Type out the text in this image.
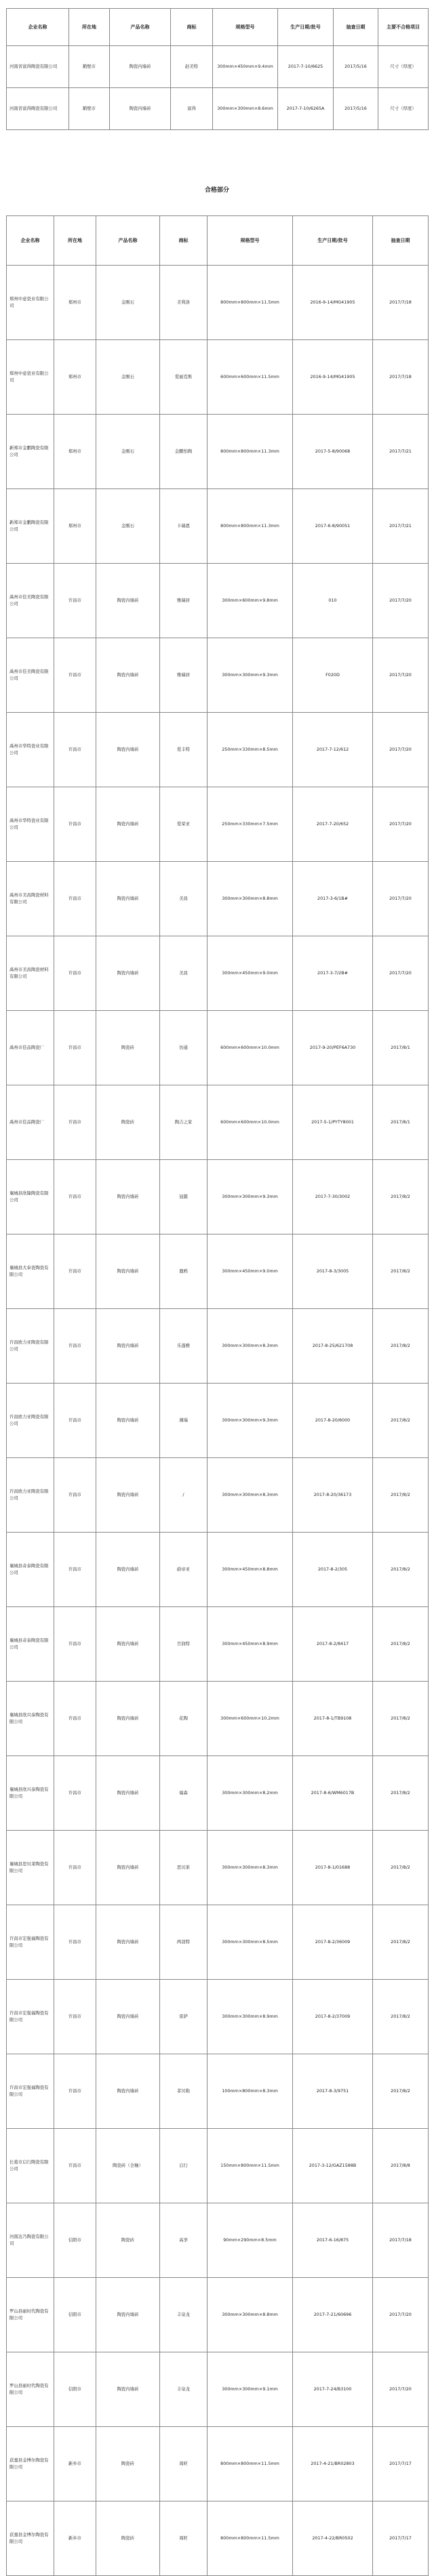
企业名称	所在地	产品名称	商标	规格型号	生产日期/批号	抽查日期	主要不合格项目
河南省富得陶瓷有限公司	鹤壁市	陶瓷内墙砖	赵美特	300mm×450mm×9.4mm	2017-7-10/6625	2017/5/16	尺寸（厚度）
河南省富得陶瓷有限公司	鹤壁市	陶瓷内墙砖	富得	300mm×300mm×8.6mm	2017-7-10/6265A	2017/5/16	尺寸（厚度）
合格部分
企业名称	所在地	产品名称	商标	规格型号	生产日期/批号	抽查日期
郑州中意瓷业有限公司	郑州市	金刚石	美利洛	800mm×800mm×11.5mm	2016-9-14/MG41905	2017/7/18
郑州中意瓷业有限公司	郑州市	金刚石	爱丽克斯	600mm×600mm×11.5mm	2016-9-14/MG41905	2017/7/18
新郑市金鹏陶瓷有限公司	郑州市	金刚石	金鹏怡陶	800mm×800mm×11.3mm	2017-5-8/90068	2017/7/21
新郑市金鹏陶瓷有限公司	郑州市	金刚石	卡瑞恩	800mm×800mm×11.3mm	2017-6-8/90051	2017/7/21
禹州市佳美陶瓷有限公司	许昌市	陶瓷内墙砖	雅瑞居	300mm×600mm×9.8mm	010	2017/7/20
禹州市佳美陶瓷有限公司	许昌市	陶瓷内墙砖	雅瑞居	300mm×300mm×9.3mm	F020D	2017/7/20
禹州市华特瓷业有限公司	许昌市	陶瓷内墙砖	爱丰特	250mm×330mm×8.5mm	2017-7-12/612	2017/7/20
禹州市华特瓷业有限公司	许昌市	陶瓷内墙砖	爱荣亚	250mm×330mm×7.5mm	2017-7-20/652	2017/7/20
禹州市美昌陶瓷材料有限公司	许昌市	陶瓷内墙砖	美昌	300mm×300mm×8.8mm	2017-3-6/1B#	2017/7/20
禹州市美昌陶瓷材料有限公司	许昌市	陶瓷内墙砖	美昌	300mm×450mm×9.0mm	2017-3-7/2B#	2017/7/20
禹州市佳品陶瓷厂	许昌市	陶瓷砖	仿通	600mm×600mm×10.0mm	2017-9-20/PEF6A730	2017/8/1
禹州市佳品陶瓷厂	许昌市	陶瓷砖	陶吉之家	600mm×600mm×10.0mm	2017-5-1/PYTY8001	2017/8/1
襄城县欣隆陶瓷有限公司	许昌市	陶瓷内墙砖	冠越	300mm×300mm×9.3mm	2017-7-30/3002	2017/8/2
襄城县大奉瓷陶瓷有限公司	许昌市	陶瓷内墙砖	鹿鸥	300mm×450mm×9.0mm	2017-8-3/3005	2017/8/2
许昌欧力亚陶瓷有限公司	许昌市	陶瓷内墙砖	乐蓬雅	300mm×300mm×8.3mm	2017-8-25/621708	2017/8/2
许昌欧力亚陶瓷有限公司	许昌市	陶瓷内墙砖	湘瑞	300mm×300mm×9.3mm	2017-8-20/6000	2017/8/2
许昌欧力亚陶瓷有限公司	许昌市	陶瓷内墙砖	/	300mm×300mm×8.3mm	2017-8-20/36173	2017/8/2
襄城县奇泰陶瓷有限公司	许昌市	陶瓷内墙砖	蔚帝亚	300mm×450mm×8.8mm	2017-8-2/305	2017/8/2
襄城县奇泰陶瓷有限公司	许昌市	陶瓷内墙砖	百润特	300mm×450mm×8.9mm	2017-8-2/8417	2017/8/2
襄城县欣兴泰陶瓷有限公司	许昌市	陶瓷内墙砖	花陶	300mm×600mm×10.2mm	2017-8-1/TB9108	2017/8/2
襄城县欣兴泰陶瓷有限公司	许昌市	陶瓷内墙砖	福森	300mm×300mm×8.2mm	2017-8-6/WM6017B	2017/8/2
襄城县思贝莱陶瓷有限公司	许昌市	陶瓷内墙砖	思贝莱	300mm×300mm×8.3mm	2017-8-1/01688	2017/8/2
许昌市宏强福陶瓷有限公司	许昌市	陶瓷内墙砖	两羽特	300mm×300mm×8.5mm	2017-8-2/36009	2017/8/2
许昌市宏强福陶瓷有限公司	许昌市	陶瓷内墙砖	雷萨	300mm×300mm×8.9mm	2017-8-2/37009	2017/8/2
许昌市宏强福陶瓷有限公司	许昌市	陶瓷内墙砖	菲贝勒	100mm×800mm×8.3mm	2017-8-3/9751	2017/8/2
长葛市启行陶瓷有限公司	许昌市	陶瓷砖（全釉）	启行	150mm×800mm×11.5mm	2017-3-12/GAZ1588B	2017/8/8
河南达乃陶瓷有限公司	信阳市	陶瓷砖	高享	90mm×290mm×8.5mm	2017-6-16/875	2017/7/18
罗山县丽时代陶瓷有限公司	信阳市	陶瓷内墙砖	丰泉龙	300mm×300mm×8.8mm	2017-7-21/60696	2017/7/20
罗山县丽时代陶瓷有限公司	信阳市	陶瓷内墙砖	丰泉龙	300mm×300mm×9.1mm	2017-7-24/B3100	2017/7/20
获嘉县金博尔陶瓷有限公司	新乡市	陶瓷砖	周旺	800mm×800mm×11.5mm	2017-4-21/BR02803	2017/7/17
获嘉县金博尔陶瓷有限公司	新乡市	陶瓷砖	周旺	800mm×800mm×11.5mm	2017-4-22/BR0502	2017/7/17
